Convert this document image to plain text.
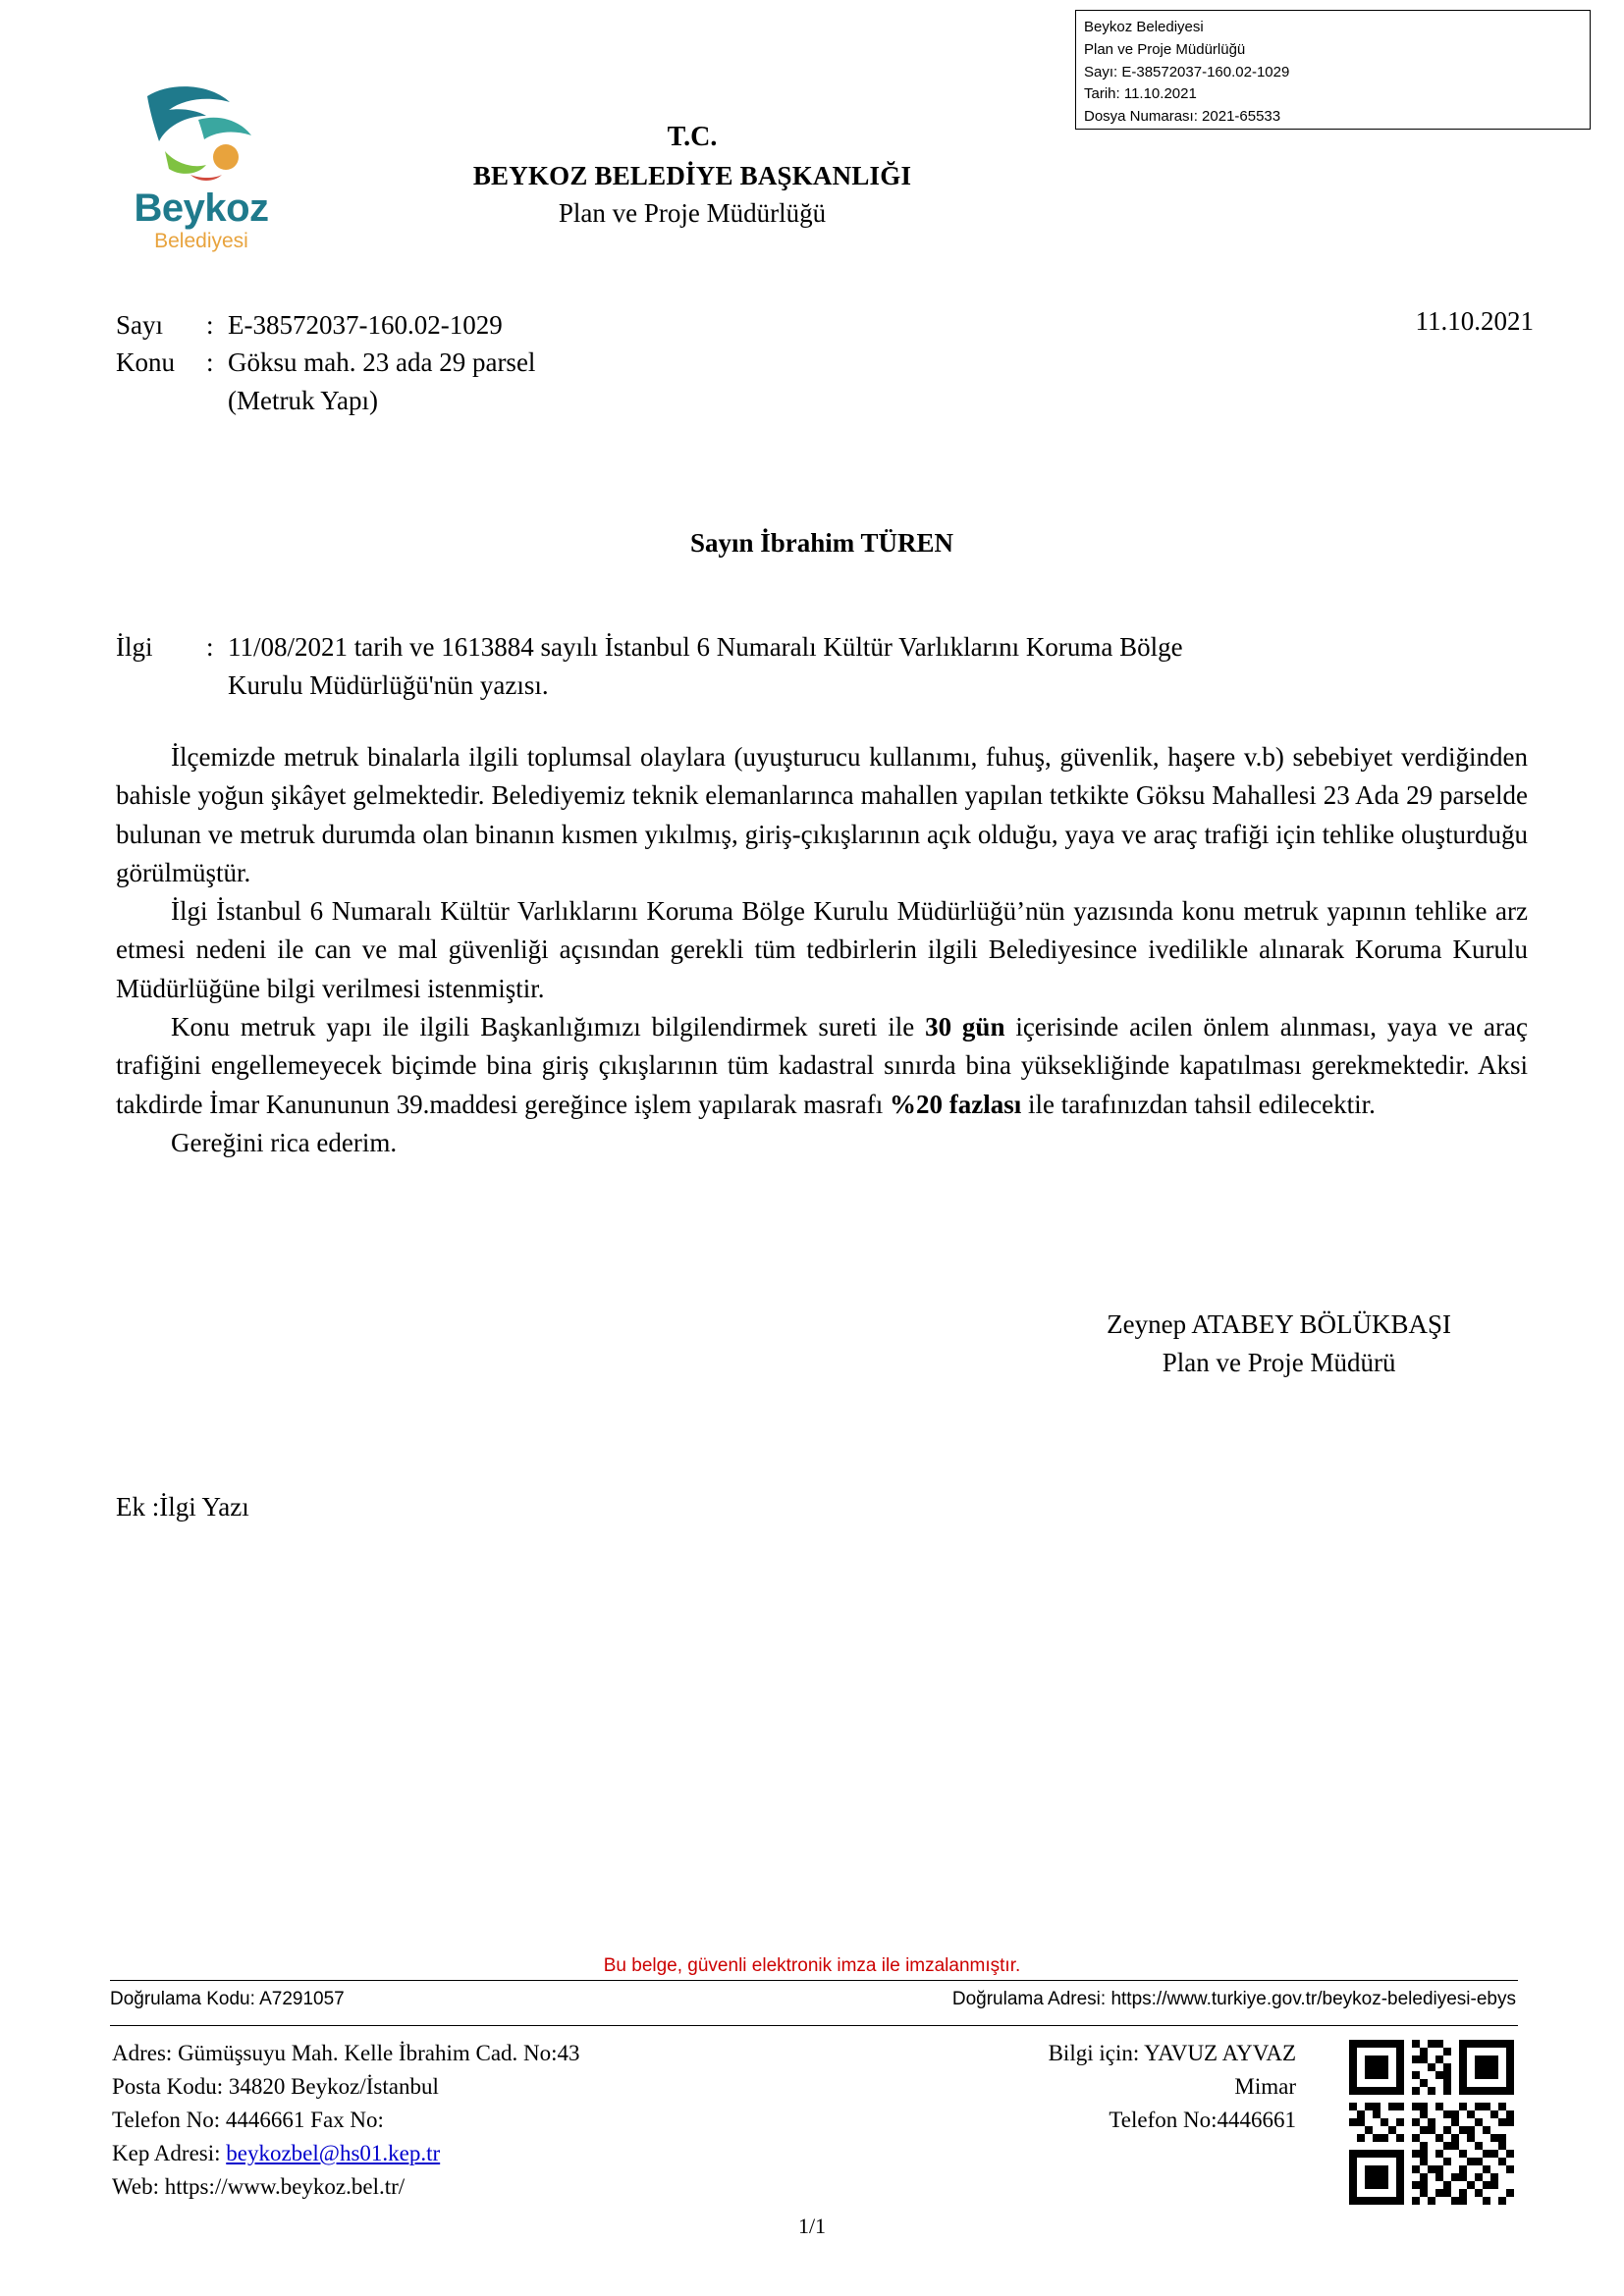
Beykoz Belediyesi
Plan ve Proje Müdürlüğü
Sayı: E-38572037-160.02-1029
Tarih: 11.10.2021
Dosya Numarası: 2021-65533
Beykoz
Belediyesi
T.C.
BEYKOZ BELEDİYE BAŞKANLIĞI
Plan ve Proje Müdürlüğü
Sayı	: E-38572037-160.02-1029
Konu	: Göksu mah. 23 ada 29 parsel
(Metruk Yapı)
11.10.2021
Sayın İbrahim TÜREN
İlgi	: 11/08/2021 tarih ve 1613884 sayılı İstanbul 6 Numaralı Kültür Varlıklarını Koruma Bölge
Kurulu Müdürlüğü'nün yazısı.

İlçemizde metruk binalarla ilgili toplumsal olaylara (uyuşturucu kullanımı, fuhuş, güvenlik, haşere v.b) sebebiyet verdiğinden bahisle yoğun şikâyet gelmektedir. Belediyemiz teknik elemanlarınca mahallen yapılan tetkikte Göksu Mahallesi 23 Ada 29 parselde bulunan ve metruk durumda olan binanın kısmen yıkılmış, giriş-çıkışlarının açık olduğu, yaya ve araç trafiği için tehlike oluşturduğu görülmüştür.

İlgi İstanbul 6 Numaralı Kültür Varlıklarını Koruma Bölge Kurulu Müdürlüğü’nün yazısında konu metruk yapının tehlike arz etmesi nedeni ile can ve mal güvenliği açısından gerekli tüm tedbirlerin ilgili Belediyesince ivedilikle alınarak Koruma Kurulu Müdürlüğüne bilgi verilmesi istenmiştir.

Konu metruk yapı ile ilgili Başkanlığımızı bilgilendirmek sureti ile 30 gün içerisinde acilen önlem alınması, yaya ve araç trafiğini engellemeyecek biçimde bina giriş çıkışlarının tüm kadastral sınırda bina yüksekliğinde kapatılması gerekmektedir. Aksi takdirde İmar Kanununun 39.maddesi gereğince işlem yapılarak masrafı %20 fazlası ile tarafınızdan tahsil edilecektir.

Gereğini rica ederim.

Zeynep ATABEY BÖLÜKBAŞI
Plan ve Proje Müdürü
Ek :İlgi Yazı
Bu belge, güvenli elektronik imza ile imzalanmıştır.
Doğrulama Kodu: A7291057	Doğrulama Adresi: https://www.turkiye.gov.tr/beykoz-belediyesi-ebys
Adres: Gümüşsuyu Mah. Kelle İbrahim Cad. No:43
Posta Kodu: 34820 Beykoz/İstanbul
Telefon No: 4446661 Fax No:
Kep Adresi: beykozbel@hs01.kep.tr
Web: https://www.beykoz.bel.tr/
Bilgi için: YAVUZ AYVAZ
Mimar
Telefon No:4446661
1/1
